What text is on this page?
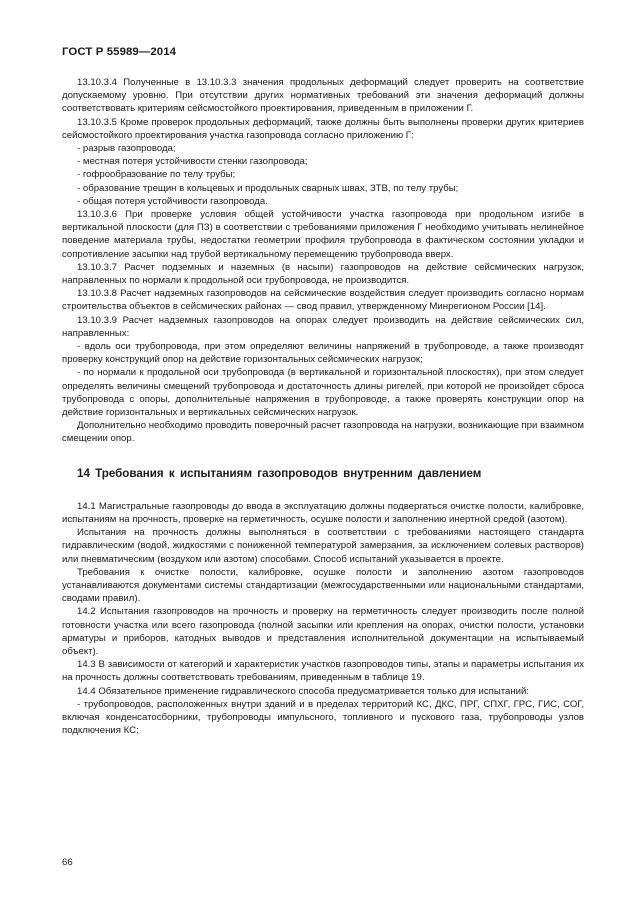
ГОСТ Р 55989—2014

13.10.3.4 Полученные в 13.10.3.3 значения продольных деформаций следует проверить на соответствие допускаемому уровню. При отсутствии других нормативных требований эти значения деформаций должны соответствовать критериям сейсмостойкого проектирования, приведенным в приложении Г.

13.10.3.5 Кроме проверок продольных деформаций, также должны быть выполнены проверки других критериев сейсмостойкого проектирования участка газопровода согласно приложению Г:

- разрыв газопровода;

- местная потеря устойчивости стенки газопровода;

- гофрообразование по телу трубы;

- образование трещин в кольцевых и продольных сварных швах, ЗТВ, по телу трубы;

- общая потеря устойчивости газопровода.

13.10.3.6 При проверке условия общей устойчивости участка газопровода при продольном изгибе в вертикальной плоскости (для ПЗ) в соответствии с требованиями приложения Г необходимо учитывать нелинейное поведение материала трубы, недостатки геометрии профиля трубопровода в фактическом состоянии укладки и сопротивление засыпки над трубой вертикальному перемещению трубопровода вверх.

13.10.3.7 Расчет подземных и наземных (в насыпи) газопроводов на действие сейсмических нагрузок, направленных по нормали к продольной оси трубопровода, не производится.

13.10.3.8 Расчет надземных газопроводов на сейсмические воздействия следует производить согласно нормам строительства объектов в сейсмических районах — свод правил, утвержденному Минрегионом России [14].

13.10.3.9 Расчет надземных газопроводов на опорах следует производить на действие сейсмических сил, направленных:

- вдоль оси трубопровода, при этом определяют величины напряжений в трубопроводе, а также производят проверку конструкций опор на действие горизонтальных сейсмических нагрузок;

- по нормали к продольной оси трубопровода (в вертикальной и горизонтальной плоскостях), при этом следует определять величины смещений трубопровода и достаточность длины ригелей, при которой не произойдет сброса трубопровода с опоры, дополнительные напряжения в трубопроводе, а также проверять конструкции опор на действие горизонтальных и вертикальных сейсмических нагрузок.

Дополнительно необходимо проводить поверочный расчет газопровода на нагрузки, возникающие при взаимном смещении опор.

14 Требования к испытаниям газопроводов внутренним давлением

14.1 Магистральные газопроводы до ввода в эксплуатацию должны подвергаться очистке полости, калибровке, испытаниям на прочность, проверке на герметичность, осушке полости и заполнению инертной средой (азотом).

Испытания на прочность должны выполняться в соответствии с требованиями настоящего стандарта гидравлическим (водой, жидкостями с пониженной температурой замерзания, за исключением солевых растворов) или пневматическим (воздухом или азотом) способами. Способ испытаний указывается в проекте.

Требования к очистке полости, калибровке, осушке полости и заполнению азотом газопроводов устанавливаются документами системы стандартизации (межгосударственными или национальными стандартами, сводами правил).

14.2 Испытания газопроводов на прочность и проверку на герметичность следует производить после полной готовности участка или всего газопровода (полной засыпки или крепления на опорах, очистки полости, установки арматуры и приборов, катодных выводов и представления исполнительной документации на испытываемый объект).

14.3 В зависимости от категорий и характеристик участков газопроводов типы, этапы и параметры испытания их на прочность должны соответствовать требованиям, приведенным в таблице 19.

14.4 Обязательное применение гидравлического способа предусматривается только для испытаний:

- трубопроводов, расположенных внутри зданий и в пределах территорий КС, ДКС, ПРГ, СПХГ, ГРС, ГИС, СОГ, включая конденсатосборники, трубопроводы импульсного, топливного и пускового газа, трубопроводы узлов подключения КС;

66
